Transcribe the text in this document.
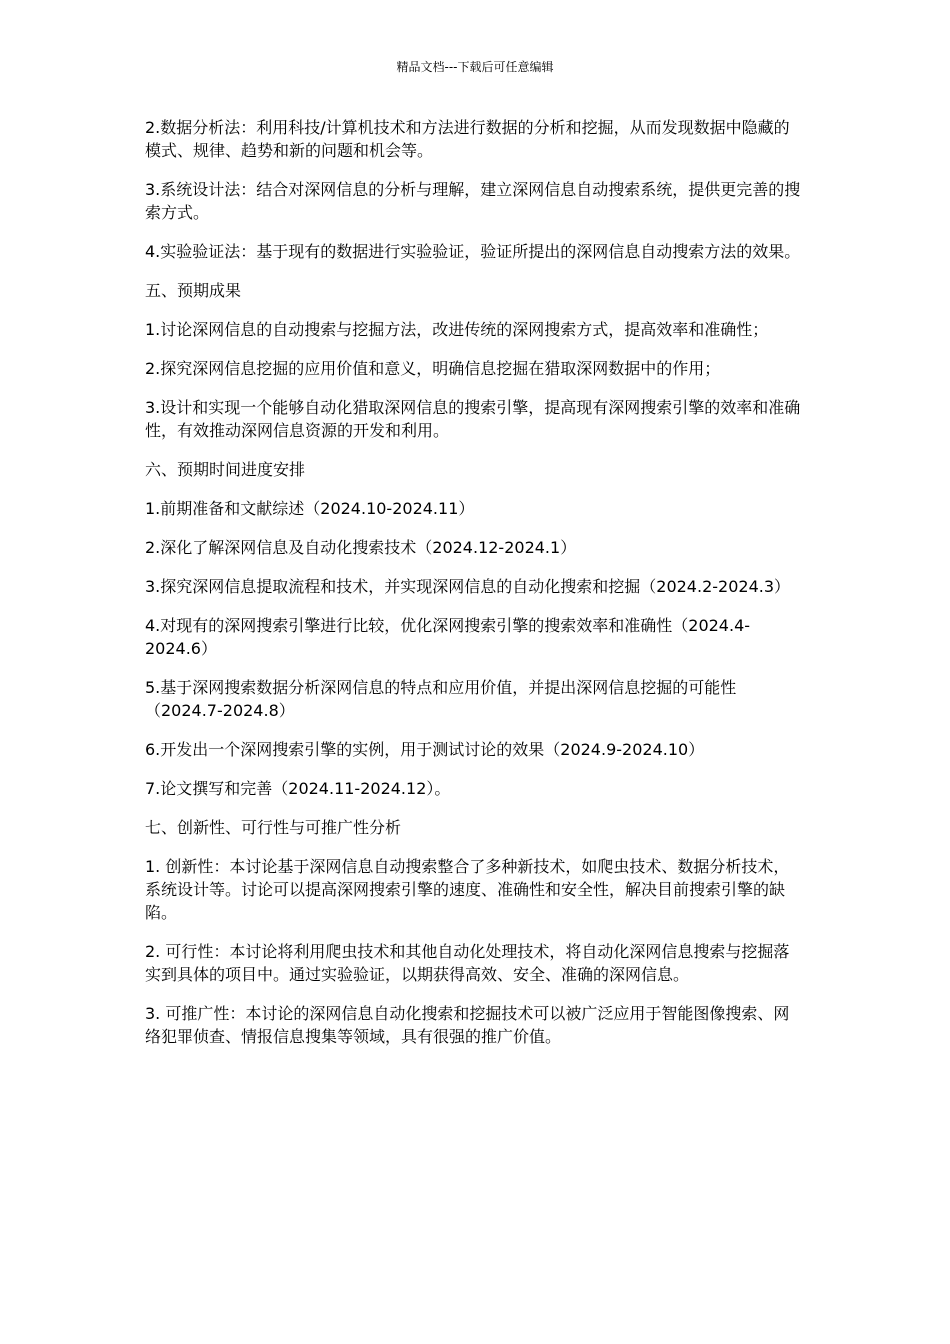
精品文档---下载后可任意编辑

2.数据分析法：利用科技/计算机技术和方法进行数据的分析和挖掘，从而发现数据中隐藏的模式、规律、趋势和新的问题和机会等。

3.系统设计法：结合对深网信息的分析与理解，建立深网信息自动搜索系统，提供更完善的搜索方式。

4.实验验证法：基于现有的数据进行实验验证，验证所提出的深网信息自动搜索方法的效果。

五、预期成果

1.讨论深网信息的自动搜索与挖掘方法，改进传统的深网搜索方式，提高效率和准确性；

2.探究深网信息挖掘的应用价值和意义，明确信息挖掘在猎取深网数据中的作用；

3.设计和实现一个能够自动化猎取深网信息的搜索引擎，提高现有深网搜索引擎的效率和准确性，有效推动深网信息资源的开发和利用。

六、预期时间进度安排

1.前期准备和文献综述（2024.10-2024.11）

2.深化了解深网信息及自动化搜索技术（2024.12-2024.1）

3.探究深网信息提取流程和技术，并实现深网信息的自动化搜索和挖掘（2024.2-2024.3）

4.对现有的深网搜索引擎进行比较，优化深网搜索引擎的搜索效率和准确性（2024.4-2024.6）

5.基于深网搜索数据分析深网信息的特点和应用价值，并提出深网信息挖掘的可能性（2024.7-2024.8）

6.开发出一个深网搜索引擎的实例，用于测试讨论的效果（2024.9-2024.10）

7.论文撰写和完善（2024.11-2024.12）。

七、创新性、可行性与可推广性分析

1. 创新性：本讨论基于深网信息自动搜索整合了多种新技术，如爬虫技术、数据分析技术，系统设计等。讨论可以提高深网搜索引擎的速度、准确性和安全性，解决目前搜索引擎的缺陷。

2. 可行性：本讨论将利用爬虫技术和其他自动化处理技术，将自动化深网信息搜索与挖掘落实到具体的项目中。通过实验验证，以期获得高效、安全、准确的深网信息。

3. 可推广性：本讨论的深网信息自动化搜索和挖掘技术可以被广泛应用于智能图像搜索、网络犯罪侦查、情报信息搜集等领域，具有很强的推广价值。
